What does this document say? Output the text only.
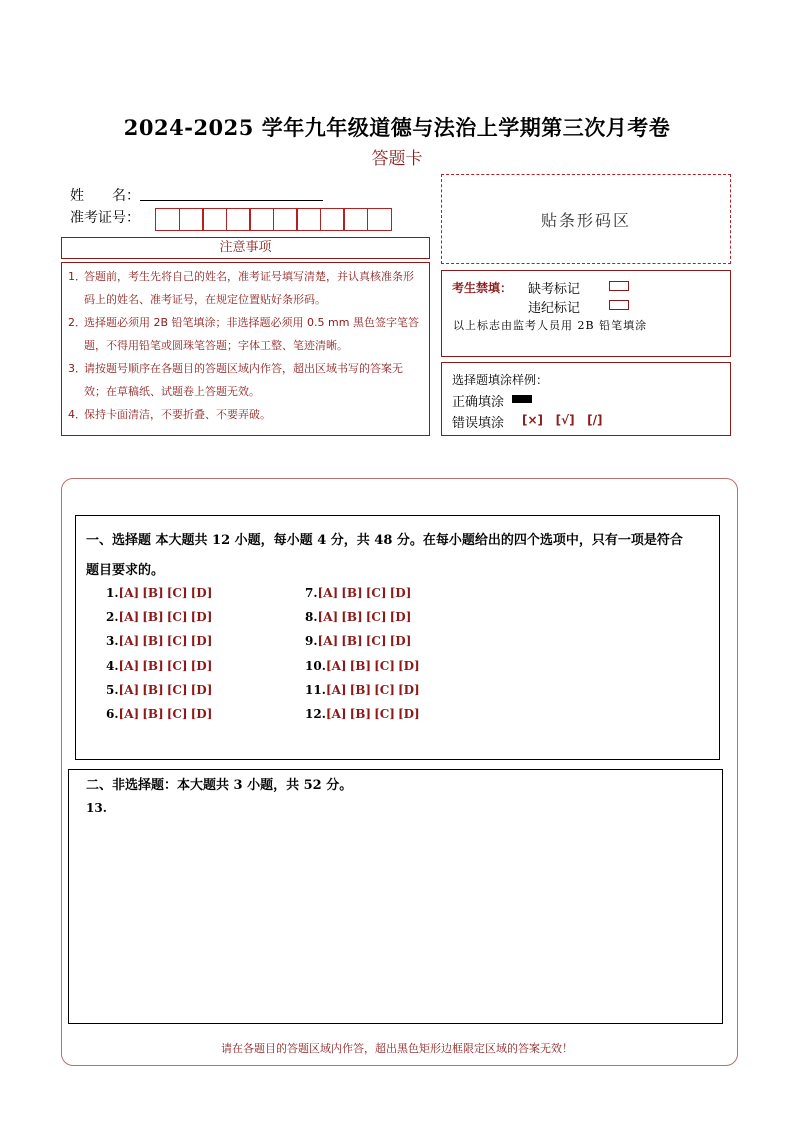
2024-2025 学年九年级道德与法治上学期第三次月考卷
答题卡
姓　　名：
准考证号：	贴条形码区
注意事项
1．
答题前，考生先将自己的姓名，准考证号填写清楚，并认真核准条形码上的姓名、准考证号，在规定位置贴好条形码。
2．
选择题必须用 2B 铅笔填涂；非选择题必须用 0.5 mm 黑色签字笔答题，不得用铅笔或圆珠笔答题；字体工整、笔迹清晰。
3．
请按题号顺序在各题目的答题区域内作答，超出区域书写的答案无效；在草稿纸、试题卷上答题无效。
4．
保持卡面清洁，不要折叠、不要弄破。
考生禁填： 缺考标记
违纪标记
以上标志由监考人员用 2B 铅笔填涂
选择题填涂样例：
正确填涂
错误填涂 [×] [√] [/]
一、选择题 本大题共 12 小题，每小题 4 分，共 48 分。在每小题给出的四个选项中，只有一项是符合
题目要求的。
1.[A] [B] [C] [D]
2.[A] [B] [C] [D]
3.[A] [B] [C] [D]
4.[A] [B] [C] [D]
5.[A] [B] [C] [D]
6.[A] [B] [C] [D]
7.[A] [B] [C] [D]
8.[A] [B] [C] [D]
9.[A] [B] [C] [D]
10.[A] [B] [C] [D]
11.[A] [B] [C] [D]
12.[A] [B] [C] [D]
二、非选择题：本大题共 3 小题，共 52 分。
13.
请在各题目的答题区域内作答，超出黑色矩形边框限定区域的答案无效！
